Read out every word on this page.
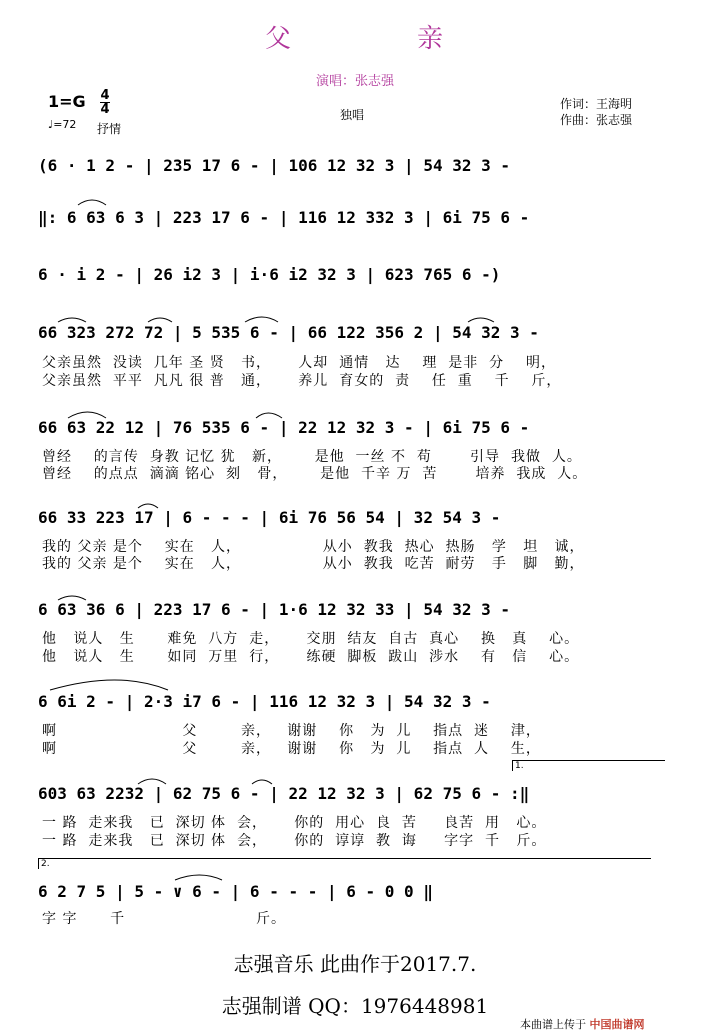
父	亲
演唱：张志强
1=G 4
4
♩=72 抒情
独唱
作词：王海明
作曲：张志强
(6 · 1 2 - | 235 17 6 - | 106 12 32 3 | 54 32 3 -
‖: 6 63 6 3 | 223 17 6 - | 116 12 332 3 | 6i 75 6 -
6 · i 2 - | 26 i2 3 | i·6 i2 32 3 | 623 765 6 -)
66 323 272 72 | 5 535 6 - | 66 122 356 2 | 54 32 3 -
父亲虽然  没读  几年 圣 贤   书，     人却  通情   达    理  是非  分    明，
父亲虽然  平平  凡凡 很 普   通，     养儿  育女的  责    任  重    千    斤，
66 63 22 12 | 76 535 6 - | 22 12 32 3 - | 6i 75 6 -
曾经    的言传  身教 记忆 犹   新，      是他  一丝 不  苟       引导  我做  人。
曾经    的点点  滴滴 铭心  刻   骨，      是他  千辛 万  苦       培养  我成  人。
66 33 223 17 | 6 - - - | 6i 76 56 54 | 32 54 3 -
我的 父亲 是个    实在   人，               从小  教我  热心  热肠   学   坦   诚，
我的 父亲 是个    实在   人，               从小  教我  吃苦  耐劳   手   脚   勤，
6 63 36 6 | 223 17 6 - | 1·6 12 32 33 | 54 32 3 -
他   说人   生      难免  八方  走，     交朋  结友  自古  真心    换   真    心。
他   说人   生      如同  万里  行，     练硬  脚板  跋山  涉水    有   信    心。
6 6i 2 - | 2·3 i7 6 - | 116 12 32 3 | 54 32 3 -
啊                       父        亲，   谢谢    你   为  儿    指点  迷    津，
啊                       父        亲，   谢谢    你   为  儿    指点  人    生，
1.
603 63 2232 | 62 75 6 - | 22 12 32 3 | 62 75 6 - :‖
一 路  走来我   已  深切 体  会，     你的  用心  良  苦     良苦  用   心。
一 路  走来我   已  深切 体  会，     你的  谆谆  教  诲     字字  千   斤。
2.
6 2 7 5 | 5 - ∨ 6 - | 6 - - - | 6 - 0 0 ‖
字 字      千                        斤。
志强音乐 此曲作于2017.7.
志强制谱 QQ：1976448981
本曲谱上传于 中国曲谱网
